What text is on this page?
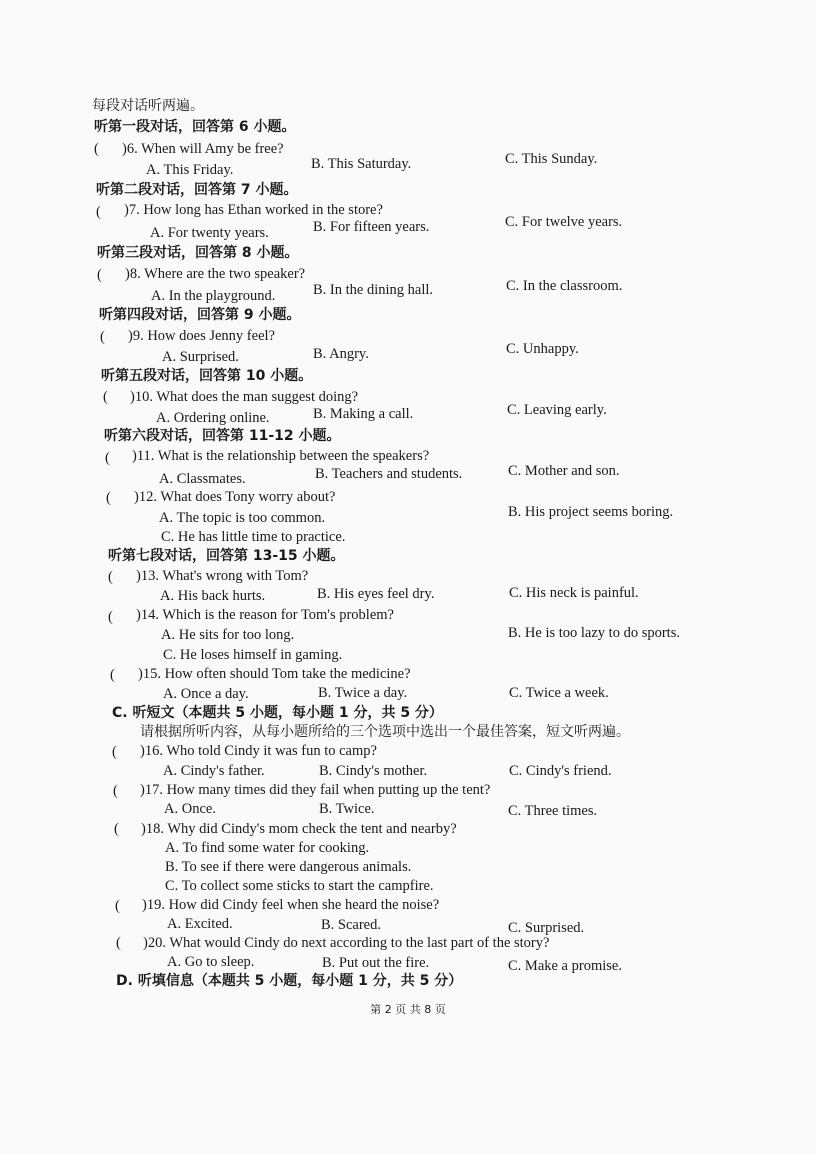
每段对话听两遍。
听第一段对话，回答第 6 小题。
(	)6. When will Amy be free?
A. This Friday.	B. This Saturday.	C. This Sunday.
听第二段对话，回答第 7 小题。
(	)7. How long has Ethan worked in the store?
A. For twenty years.	B. For fifteen years.	C. For twelve years.
听第三段对话，回答第 8 小题。
(	)8. Where are the two speaker?
A. In the playground.	B. In the dining hall.	C. In the classroom.
听第四段对话，回答第 9 小题。
(	)9. How does Jenny feel?
A. Surprised.	B. Angry.	C. Unhappy.
听第五段对话，回答第 10 小题。
(	)10. What does the man suggest doing?
A. Ordering online.	B. Making a call.	C. Leaving early.
听第六段对话，回答第 11-12 小题。
(	)11. What is the relationship between the speakers?
A. Classmates.	B. Teachers and students.	C. Mother and son.
(	)12. What does Tony worry about?
A. The topic is too common.	B. His project seems boring.
C. He has little time to practice.
听第七段对话，回答第 13-15 小题。
(	)13. What's wrong with Tom?
A. His back hurts.	B. His eyes feel dry.	C. His neck is painful.
(	)14. Which is the reason for Tom's problem?
A. He sits for too long.	B. He is too lazy to do sports.
C. He loses himself in gaming.
(	)15. How often should Tom take the medicine?
A. Once a day.	B. Twice a day.	C. Twice a week.
C. 听短文（本题共 5 小题，每小题 1 分，共 5 分）
请根据所听内容，从每小题所给的三个选项中选出一个最佳答案，短文听两遍。
(	)16. Who told Cindy it was fun to camp?
A. Cindy's father.	B. Cindy's mother.	C. Cindy's friend.
(	)17. How many times did they fail when putting up the tent?
A. Once.	B. Twice.	C. Three times.
(	)18. Why did Cindy's mom check the tent and nearby?
A. To find some water for cooking.
B. To see if there were dangerous animals.
C. To collect some sticks to start the campfire.
(	)19. How did Cindy feel when she heard the noise?
A. Excited.	B. Scared.	C. Surprised.
(	)20. What would Cindy do next according to the last part of the story?
A. Go to sleep.	B. Put out the fire.	C. Make a promise.
D. 听填信息（本题共 5 小题，每小题 1 分，共 5 分）
第 2 页 共 8 页
